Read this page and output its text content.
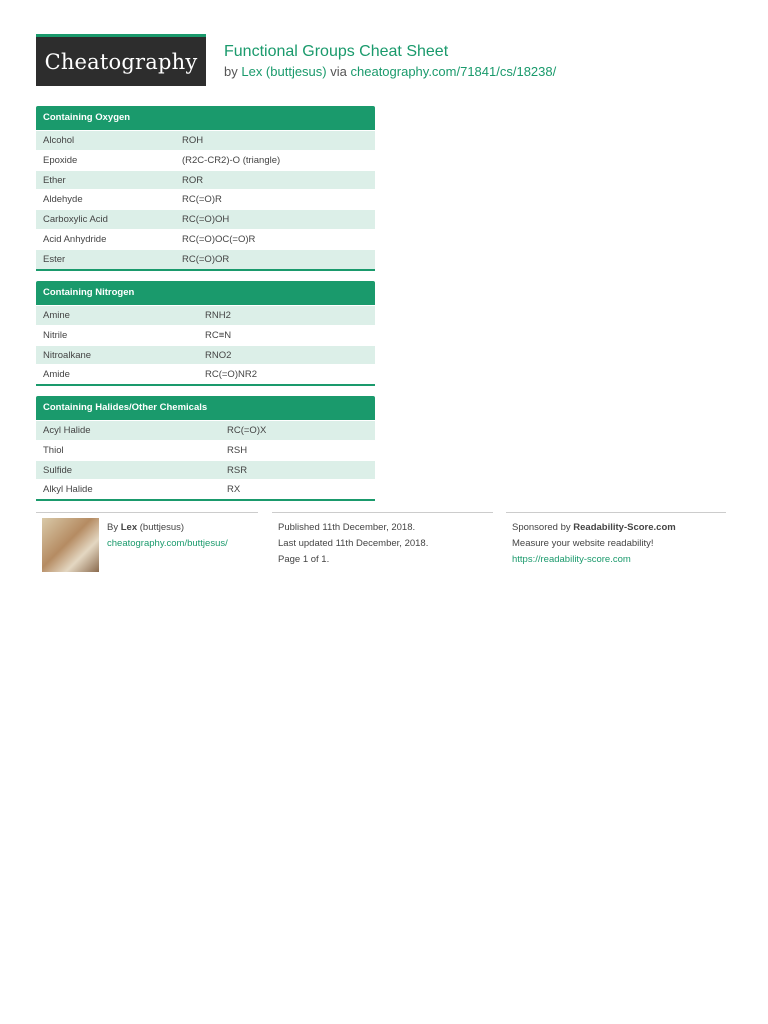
Cheatography Functional Groups Cheat Sheet
by Lex (buttjesus) via cheatography.com/71841/cs/18238/
Containing Oxygen
Alcohol	ROH
Epoxide	(R2C-CR2)-O (triangle)
Ether	ROR
Aldehyde	RC(=O)R
Carboxylic Acid	RC(=O)OH
Acid Anhydride	RC(=O)OC(=O)R
Ester	RC(=O)OR
Containing Nitrogen
Amine	RNH2
Nitrile	RC≡N
Nitroalkane	RNO2
Amide	RC(=O)NR2
Containing Halides/Other Chemicals
Acyl Halide	RC(=O)X
Thiol	RSH
Sulfide	RSR
Alkyl Halide	RX
By Lex (buttjesus)
cheatography.com/buttjesus/
Published 11th December, 2018.
Last updated 11th December, 2018.
Page 1 of 1.
Sponsored by Readability-Score.com
Measure your website readability!
https://readability-score.com
